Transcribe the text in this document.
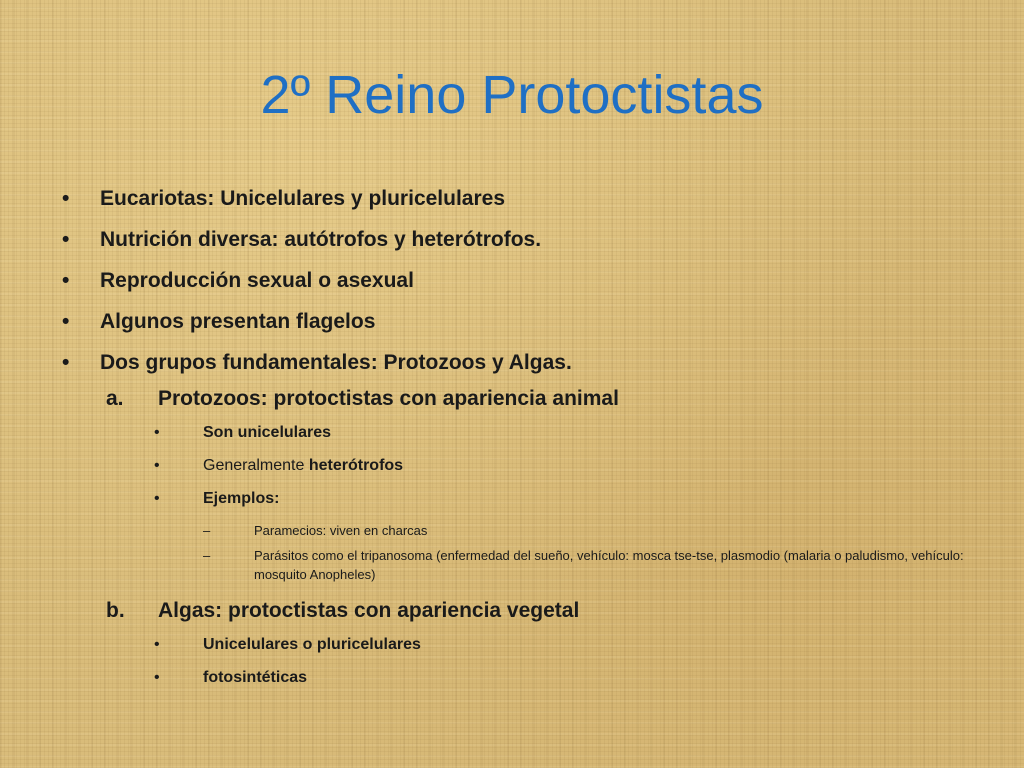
2º Reino Protoctistas
• Eucariotas: Unicelulares y pluricelulares
• Nutrición diversa: autótrofos y heterótrofos.
• Reproducción sexual o asexual
• Algunos presentan flagelos
• Dos grupos fundamentales: Protozoos y Algas.
a. Protozoos: protoctistas con apariencia animal
•	Son unicelulares
•	Generalmente heterótrofos
•	Ejemplos:
–	Paramecios: viven en charcas
–	Parásitos como el tripanosoma (enfermedad del sueño, vehículo: mosca tse-tse, plasmodio (malaria o paludismo, vehículo: mosquito Anopheles)
b. Algas: protoctistas con apariencia vegetal
•	Unicelulares o pluricelulares
•	fotosintéticas
